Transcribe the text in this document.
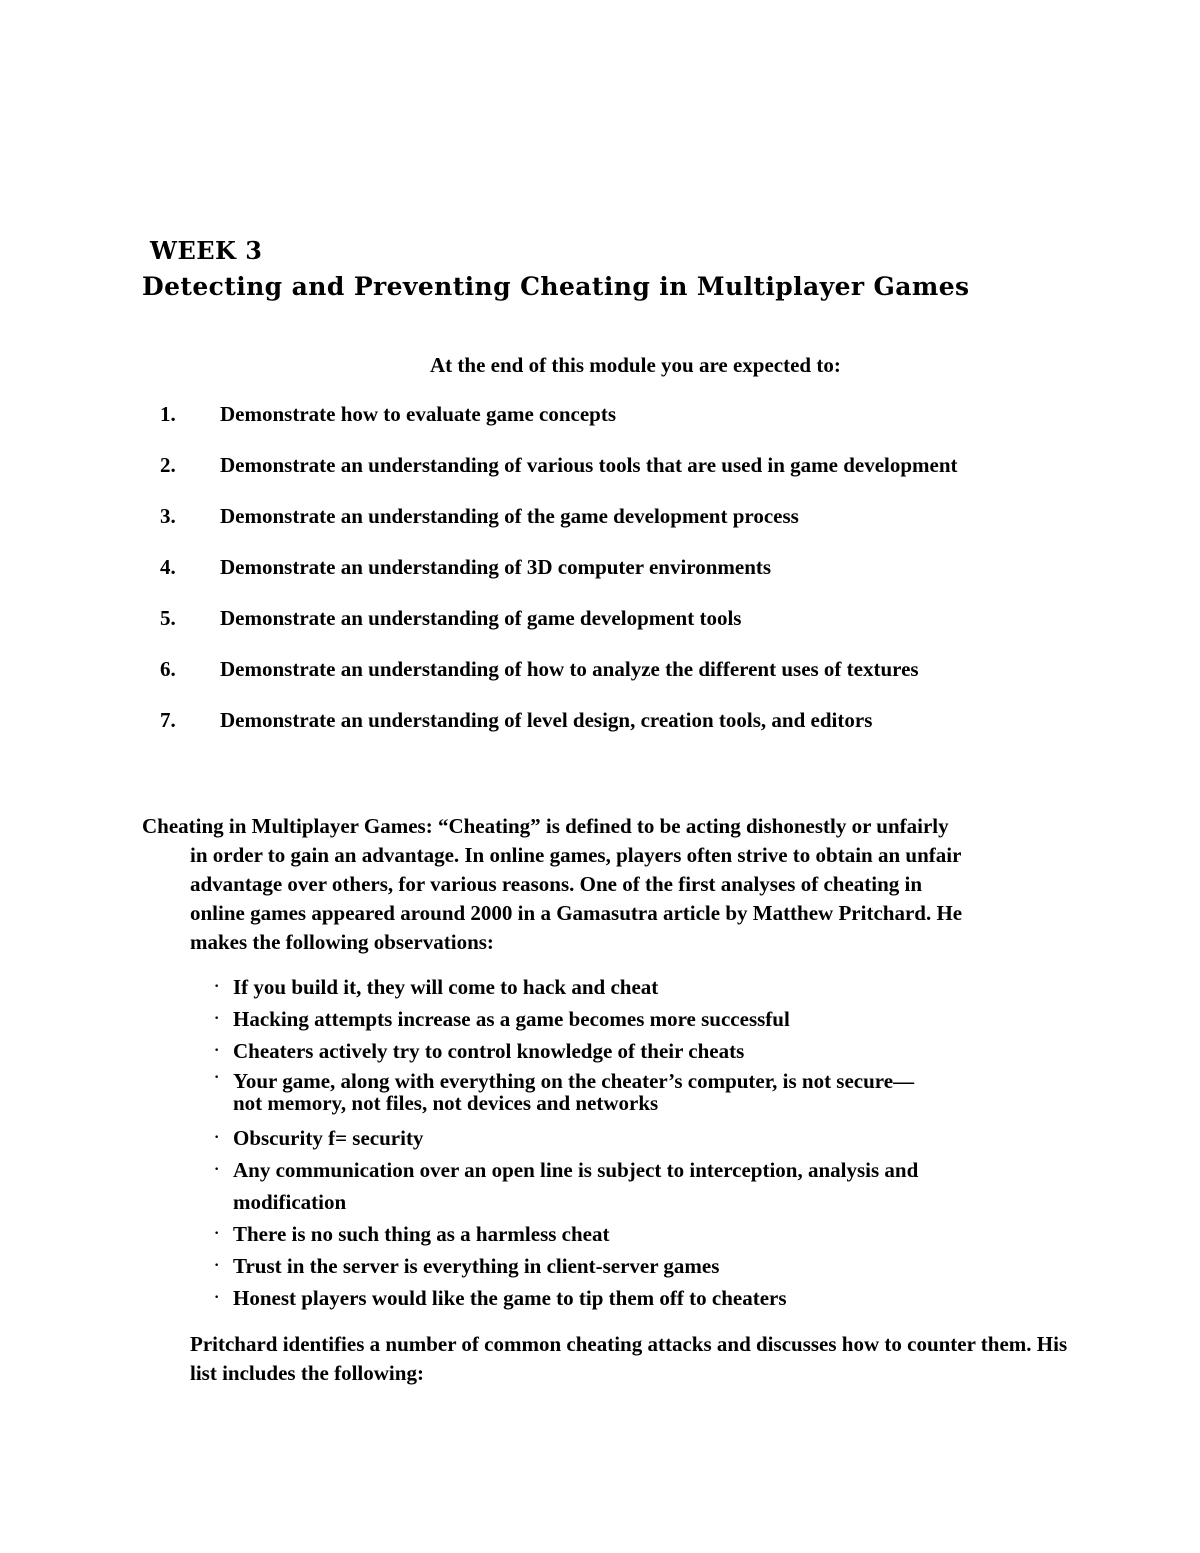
WEEK 3
Detecting and Preventing Cheating in Multiplayer Games
At the end of this module you are expected to:
1. Demonstrate how to evaluate game concepts
2. Demonstrate an understanding of various tools that are used in game development
3. Demonstrate an understanding of the game development process
4. Demonstrate an understanding of 3D computer environments
5. Demonstrate an understanding of game development tools
6. Demonstrate an understanding of how to analyze the different uses of textures
7. Demonstrate an understanding of level design, creation tools, and editors
Cheating in Multiplayer Games: “Cheating” is defined to be acting dishonestly or unfairly
in order to gain an advantage. In online games, players often strive to obtain an unfair
advantage over others, for various reasons. One of the first analyses of cheating in
online games appeared around 2000 in a Gamasutra article by Matthew Pritchard. He
makes the following observations:
· If you build it, they will come to hack and cheat
· Hacking attempts increase as a game becomes more successful
· Cheaters actively try to control knowledge of their cheats
· Your game, along with everything on the cheater’s computer, is not secure—
not memory, not files, not devices and networks
· Obscurity f= security
· Any communication over an open line is subject to interception, analysis and modification
· There is no such thing as a harmless cheat
· Trust in the server is everything in client-server games
· Honest players would like the game to tip them off to cheaters
Pritchard identifies a number of common cheating attacks and discusses how to counter them. His list includes the following:
